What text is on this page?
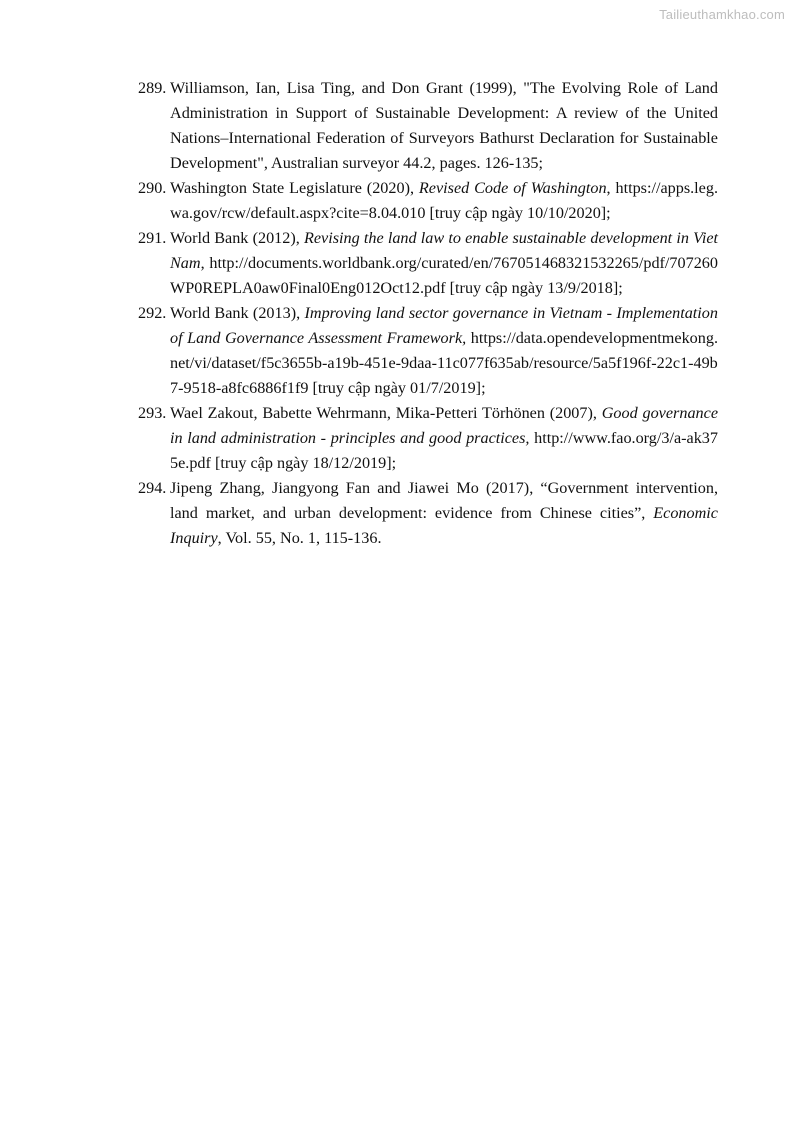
Tailieuthamkhao.com
289. Williamson, Ian, Lisa Ting, and Don Grant (1999), "The Evolving Role of Land Administration in Support of Sustainable Development: A review of the United Nations–International Federation of Surveyors Bathurst Declaration for Sustainable Development", Australian surveyor 44.2, pages. 126-135;
290. Washington State Legislature (2020), Revised Code of Washington, https://apps.leg.wa.gov/rcw/default.aspx?cite=8.04.010 [truy cập ngày 10/10/2020];
291. World Bank (2012), Revising the land law to enable sustainable development in Viet Nam, http://documents.worldbank.org/curated/en/767051468321532265/pdf/707260 WP0REPLA0aw0Final0Eng012Oct12.pdf [truy cập ngày 13/9/2018];
292. World Bank (2013), Improving land sector governance in Vietnam - Implementation of Land Governance Assessment Framework, https://data.opendevelopmentmekong.net/vi/dataset/f5c3655b-a19b-451e-9daa-11c077f635ab/resource/5a5f196f-22c1-49b7-9518-a8fc6886f1f9 [truy cập ngày 01/7/2019];
293. Wael Zakout, Babette Wehrmann, Mika-Petteri Törhönen (2007), Good governance in land administration - principles and good practices, http://www.fao.org/3/a-ak375e.pdf [truy cập ngày 18/12/2019];
294. Jipeng Zhang, Jiangyong Fan and Jiawei Mo (2017), “Government intervention, land market, and urban development: evidence from Chinese cities”, Economic Inquiry, Vol. 55, No. 1, 115-136.
